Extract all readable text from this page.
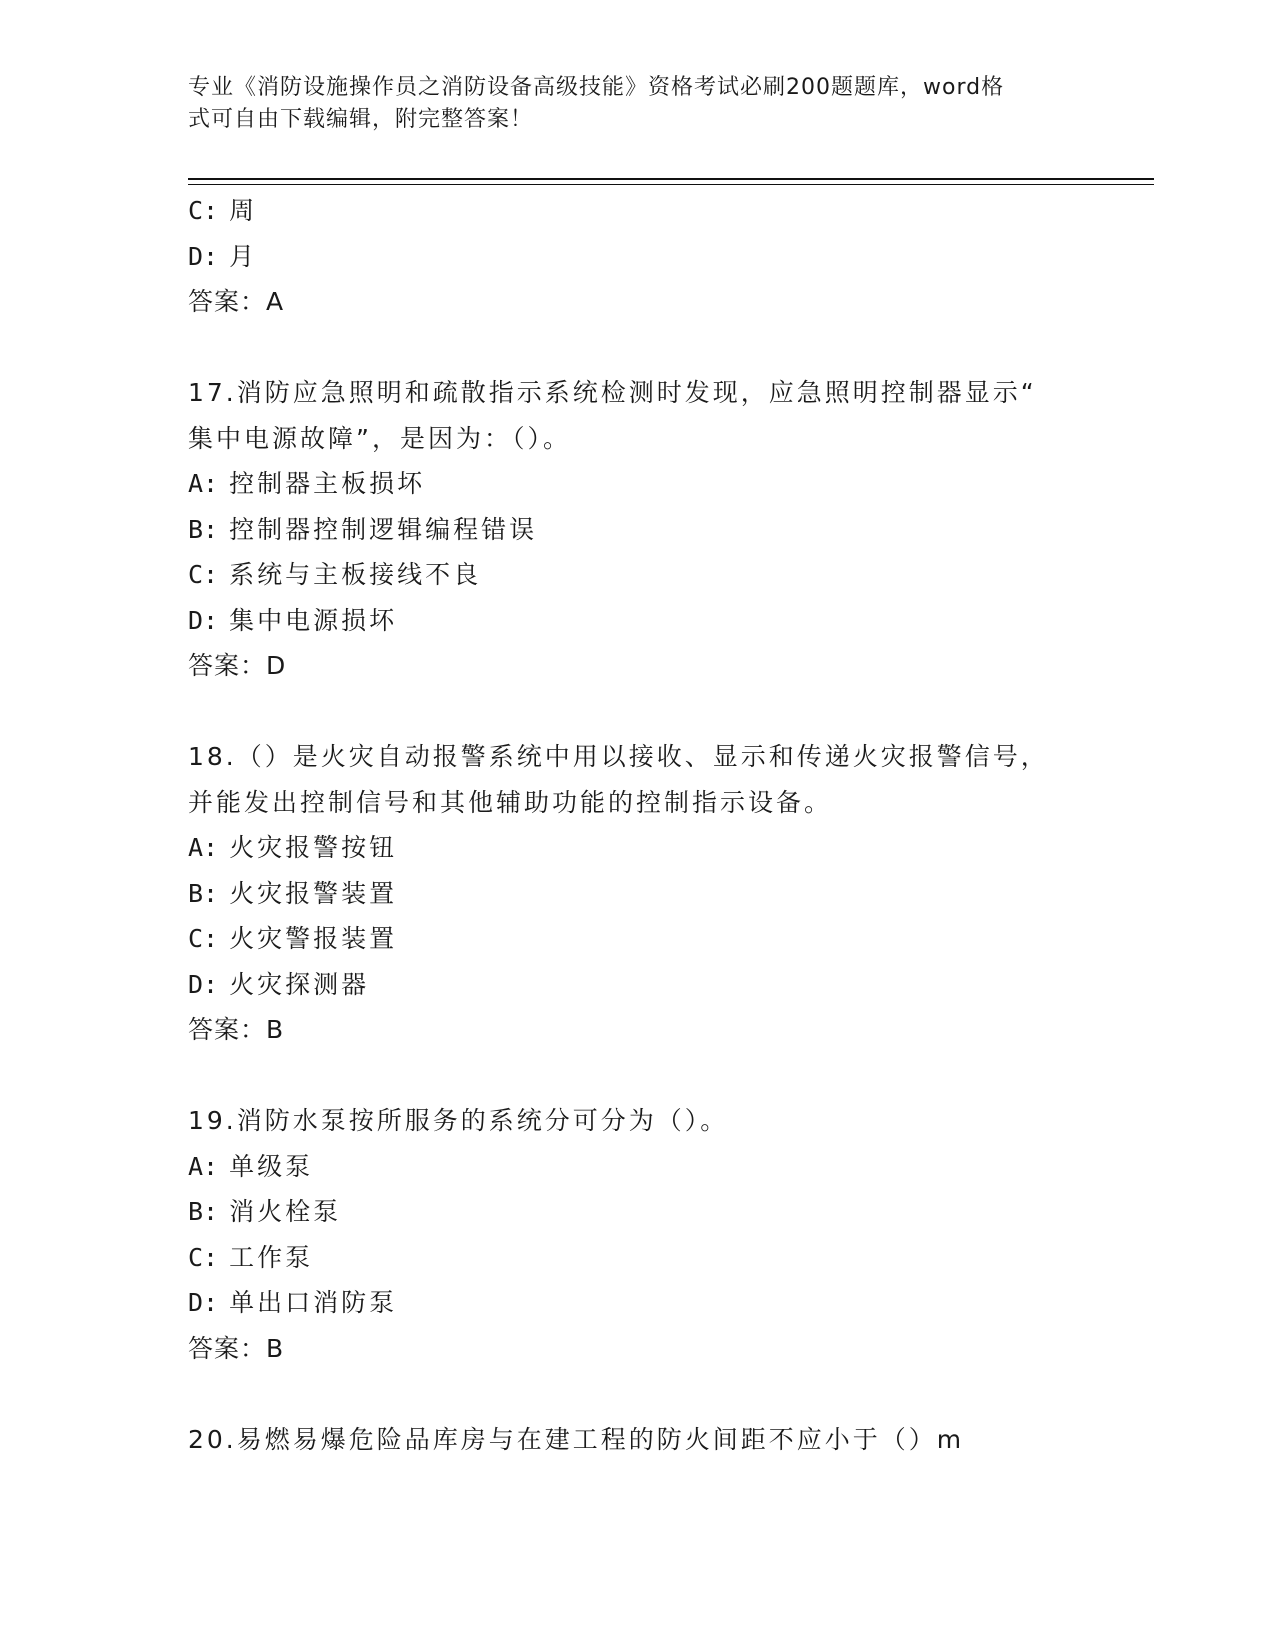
专业《消防设施操作员之消防设备高级技能》资格考试必刷200题题库，word格
式可自由下载编辑，附完整答案！
C: 周
D: 月
答案：A
17.消防应急照明和疏散指示系统检测时发现，应急照明控制器显示“
集中电源故障”，是因为：（）。
A: 控制器主板损坏
B: 控制器控制逻辑编程错误
C: 系统与主板接线不良
D: 集中电源损坏
答案：D
18.（）是火灾自动报警系统中用以接收、显示和传递火灾报警信号，
并能发出控制信号和其他辅助功能的控制指示设备。
A: 火灾报警按钮
B: 火灾报警装置
C: 火灾警报装置
D: 火灾探测器
答案：B
19.消防水泵按所服务的系统分可分为（）。
A: 单级泵
B: 消火栓泵
C: 工作泵
D: 单出口消防泵
答案：B
20.易燃易爆危险品库房与在建工程的防火间距不应小于（）m
